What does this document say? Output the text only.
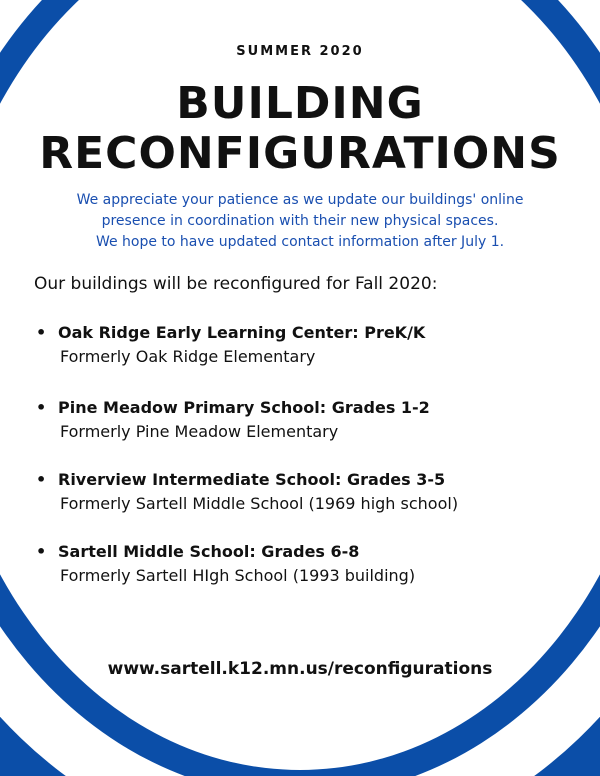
SUMMER 2020
BUILDING
RECONFIGURATIONS
We appreciate your patience as we update our buildings' online
presence in coordination with their new physical spaces.
We hope to have updated contact information after July 1.
Our buildings will be reconfigured for Fall 2020:
• Oak Ridge Early Learning Center: PreK/K
Formerly Oak Ridge Elementary
• Pine Meadow Primary School: Grades 1-2
Formerly Pine Meadow Elementary
• Riverview Intermediate School: Grades 3-5
Formerly Sartell Middle School (1969 high school)
• Sartell Middle School: Grades 6-8
Formerly Sartell HIgh School (1993 building)
www.sartell.k12.mn.us/reconfigurations
